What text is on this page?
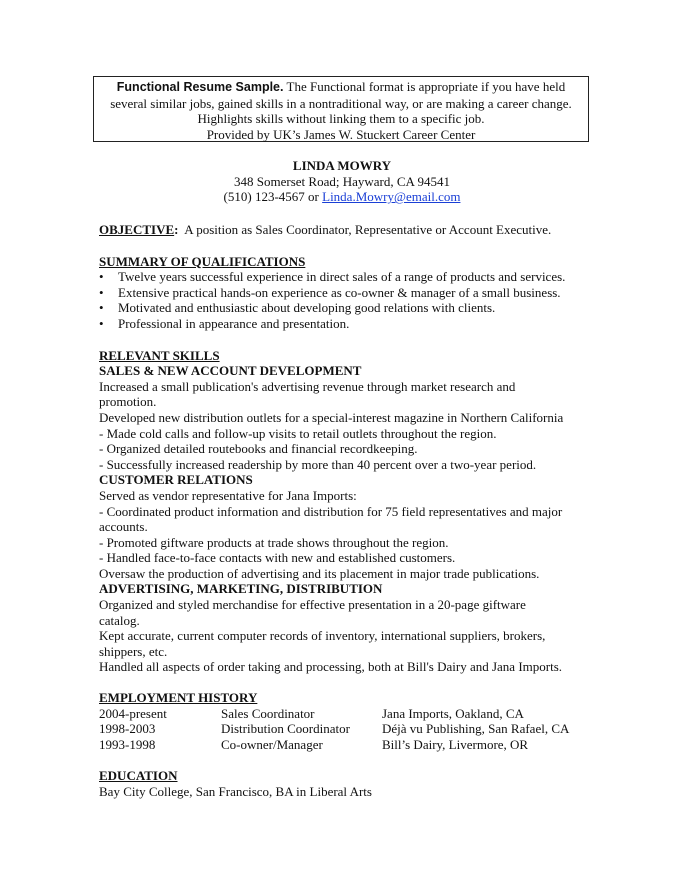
Functional Resume Sample. The Functional format is appropriate if you have held
several similar jobs, gained skills in a nontraditional way, or are making a career change.
Highlights skills without linking them to a specific job.
Provided by UK’s James W. Stuckert Career Center
LINDA MOWRY
348 Somerset Road; Hayward, CA 94541
(510) 123-4567 or Linda.Mowry@email.com
OBJECTIVE:  A position as Sales Coordinator, Representative or Account Executive.
SUMMARY OF QUALIFICATIONS
• Twelve years successful experience in direct sales of a range of products and services.
• Extensive practical hands-on experience as co-owner & manager of a small business.
• Motivated and enthusiastic about developing good relations with clients.
• Professional in appearance and presentation.
RELEVANT SKILLS
SALES & NEW ACCOUNT DEVELOPMENT
Increased a small publication's advertising revenue through market research and
promotion.
Developed new distribution outlets for a special-interest magazine in Northern California
- Made cold calls and follow-up visits to retail outlets throughout the region.
- Organized detailed routebooks and financial recordkeeping.
- Successfully increased readership by more than 40 percent over a two-year period.
CUSTOMER RELATIONS
Served as vendor representative for Jana Imports:
- Coordinated product information and distribution for 75 field representatives and major
accounts.
- Promoted giftware products at trade shows throughout the region.
- Handled face-to-face contacts with new and established customers.
Oversaw the production of advertising and its placement in major trade publications.
ADVERTISING, MARKETING, DISTRIBUTION
Organized and styled merchandise for effective presentation in a 20-page giftware
catalog.
Kept accurate, current computer records of inventory, international suppliers, brokers,
shippers, etc.
Handled all aspects of order taking and processing, both at Bill's Dairy and Jana Imports.
EMPLOYMENT HISTORY
2004-present	Sales Coordinator	Jana Imports, Oakland, CA
1998-2003	Distribution Coordinator	Déjà vu Publishing, San Rafael, CA
1993-1998	Co-owner/Manager	Bill’s Dairy, Livermore, OR
EDUCATION
Bay City College, San Francisco, BA in Liberal Arts
